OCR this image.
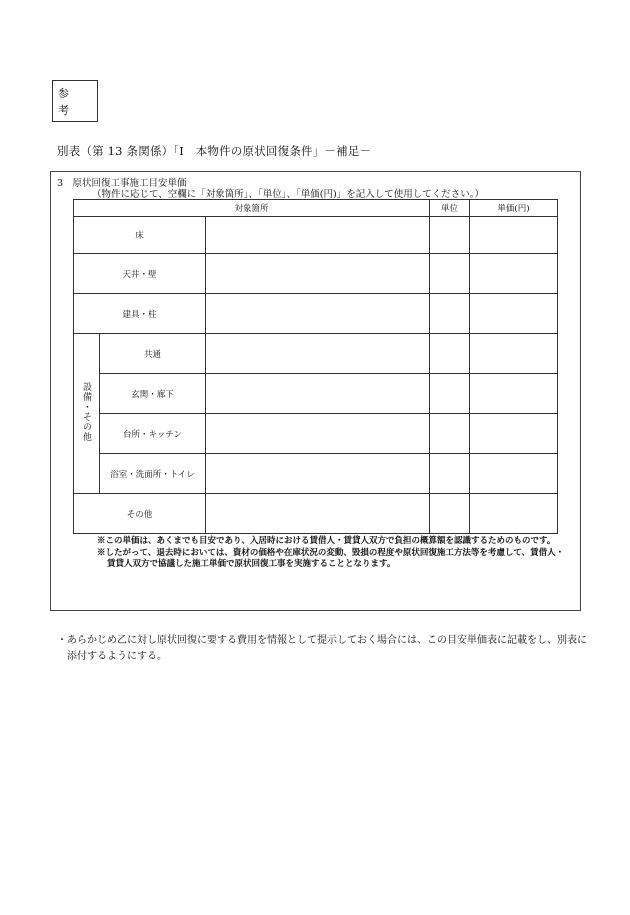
参
考
別表（第 13 条関係）「Ⅰ　本物件の原状回復条件」－補足－
3　原状回復工事施工目安単価
（物件に応じて、空欄に「対象箇所」、「単位」、「単価(円)」を記入して使用してください。）
対象箇所			単位	単価(円)
床				
天井・壁				
建具・柱				
設備・その他	共通			
	玄関・廊下			
	台所・キッチン			
	浴室・洗面所・トイレ			
その他				

※この単価は、あくまでも目安であり、入居時における賃借人・賃貸人双方で負担の概算額を認識するためのものです。

※したがって、退去時においては、資材の価格や在庫状況の変動、毀損の程度や原状回復施工方法等を考慮して、賃借人・賃貸人双方で協議した施工単価で原状回復工事を実施することとなります。

・あらかじめ乙に対し原状回復に要する費用を情報として提示しておく場合には、この目安単価表に記載をし、別表に添付するようにする。
